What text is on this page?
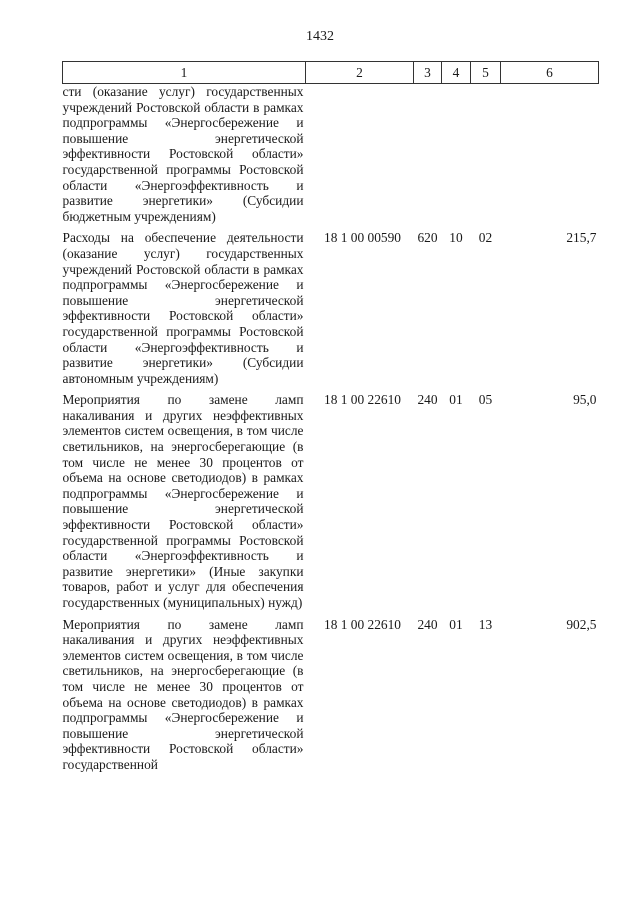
1432
1	2	3	4	5	6
сти (оказание услуг) государственных учреждений Ростовской области в рамках подпрограммы «Энергосбережение и повышение энергетической эффективности Ростовской области» государственной программы Ростовской области «Энергоэффективность и развитие энергетики» (Субсидии бюджетным учреждениям)					
Расходы на обеспечение деятельности (оказание услуг) государственных учреждений Ростовской области в рамках подпрограммы «Энергосбережение и повышение энергетической эффективности Ростовской области» государственной программы Ростовской области «Энергоэффективность и развитие энергетики» (Субсидии автономным учреждениям)	18 1 00 00590	620	10	02	215,7
Мероприятия по замене ламп накаливания и других неэффективных элементов систем освещения, в том числе светильников, на энергосберегающие (в том числе не менее 30 процентов от объема на основе светодиодов) в рамках подпрограммы «Энергосбережение и повышение энергетической эффективности Ростовской области» государственной программы Ростовской области «Энергоэффективность и развитие энергетики» (Иные закупки товаров, работ и услуг для обеспечения государственных (муниципальных) нужд)	18 1 00 22610	240	01	05	95,0
Мероприятия по замене ламп накаливания и других неэффективных элементов систем освещения, в том числе светильников, на энергосберегающие (в том числе не менее 30 процентов от объема на основе светодиодов) в рамках подпрограммы «Энергосбережение и повышение энергетической эффективности Ростовской области» государственной	18 1 00 22610	240	01	13	902,5
